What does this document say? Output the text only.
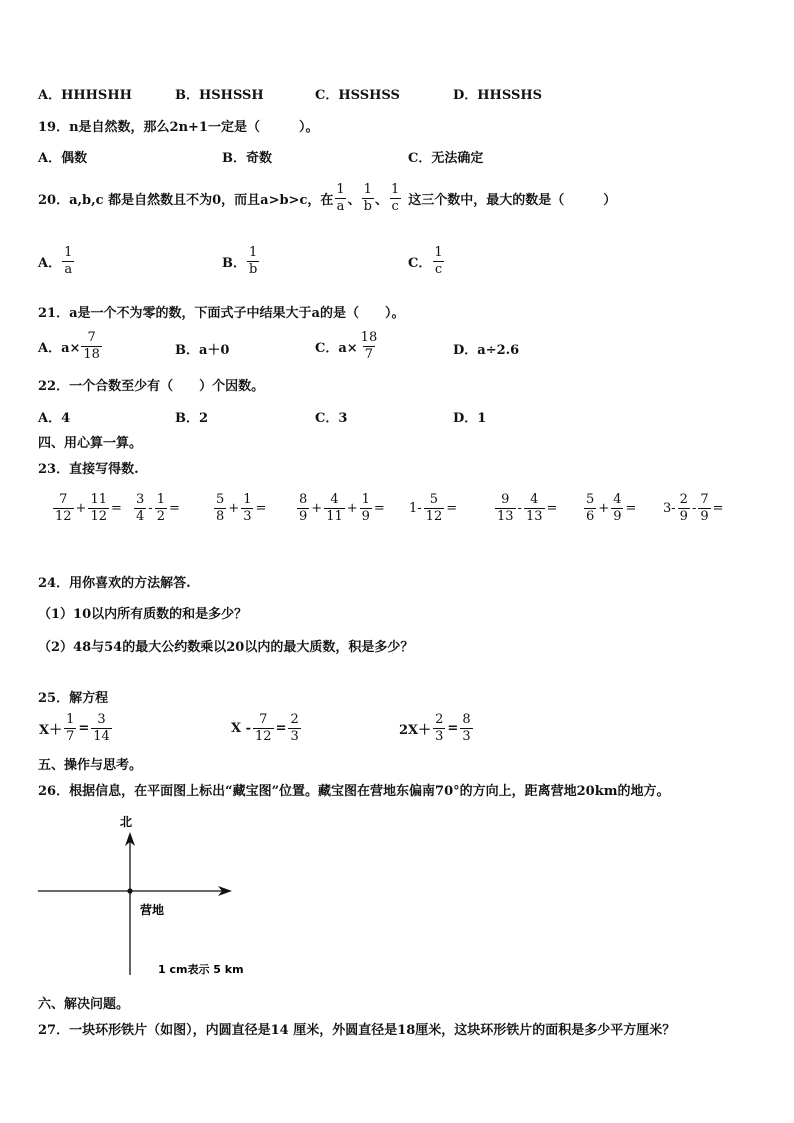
A．HHHSHH	B．HSHSSH	C．HSSHSS	D．HHSSHS
19．n是自然数，那么2n+1一定是（　　　）。
A．偶数	B．奇数	C．无法确定
20．a,b,c 都是自然数且不为0，而且a>b>c，在 $\frac{1}{a}$ 、 $\frac{1}{b}$ 、 $\frac{1}{c}$ 这三个数中，最大的数是（　　　）
A． $\frac{1}{a}$	B． $\frac{1}{b}$	C． $\frac{1}{c}$
21．a是一个不为零的数，下面式子中结果大于a的是（　　）。
A．$a\times \frac{7}{18}$	B．a＋0	C．$a\times \frac{18}{7}$	D．a÷2.6
22．一个合数至少有（　　）个因数。
A．4	B．2	C．3	D．1
四、用心算一算。
23．直接写得数.
$\frac{7}{12} + \frac{11}{12} = \frac{3}{4} - \frac{1}{2}$ =	$\frac{5}{8} + \frac{1}{3} = \frac{8}{9} + \frac{4}{11} + \frac{1}{9} = 1- \frac{5}{12}$ =	$\frac{9}{13} - \frac{4}{13} = \frac{5}{6} + \frac{4}{9} = 3- \frac{2}{9} - \frac{7}{9}$ =
24．用你喜欢的方法解答.
（1）10以内所有质数的和是多少？
（2）48与54的最大公约数乘以20以内的最大质数，积是多少？
25．解方程
$X+ \frac{1}{7} = \frac{3}{14}$	$X - \frac{7}{12} = \frac{2}{3}$	$2X+ \frac{2}{3} = \frac{8}{3}$
五、操作与思考。
26．根据信息，在平面图上标出“藏宝图”位置。藏宝图在营地东偏南70°的方向上，距离营地20km的地方。
北
营地
1 cm表示 5 km
六、解决问题。
27．一块环形铁片（如图），内圆直径是14 厘米，外圆直径是18厘米，这块环形铁片的面积是多少平方厘米？
